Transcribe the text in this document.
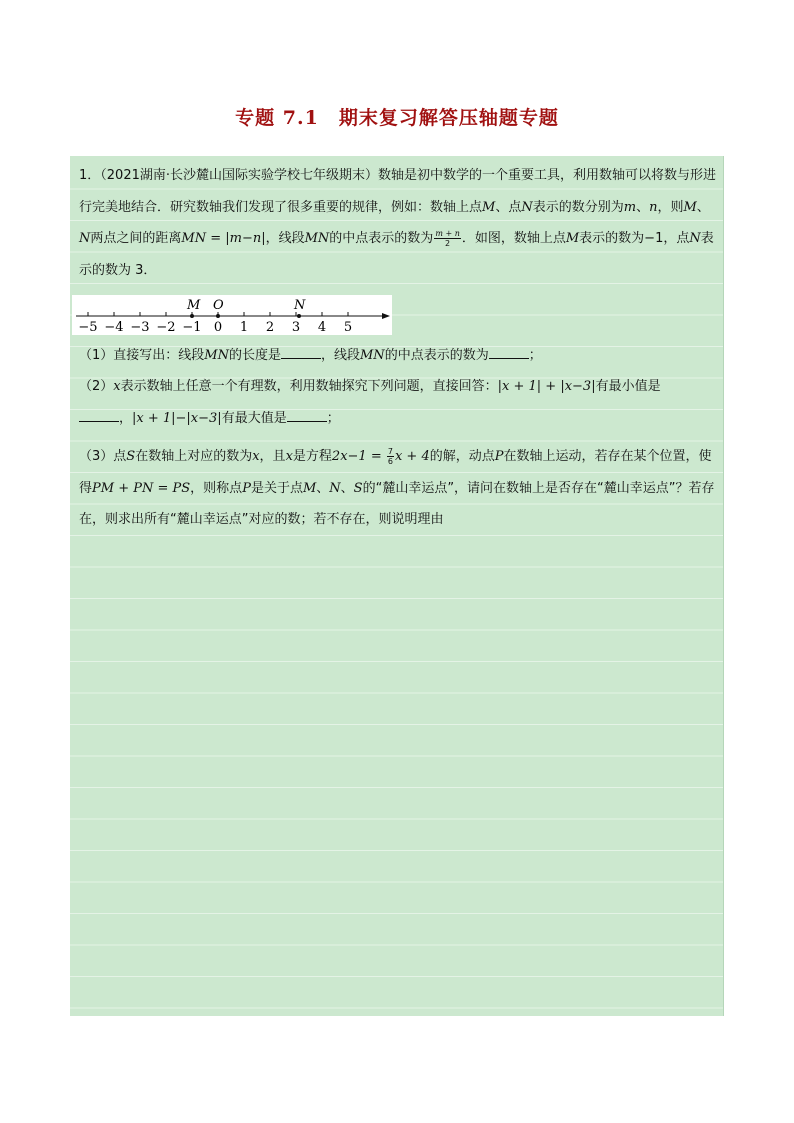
专题 7.1　期末复习解答压轴题专题

1．（2021湖南·长沙麓山国际实验学校七年级期末）数轴是初中数学的一个重要工具，利用数轴可以将数与形进行完美地结合．研究数轴我们发现了很多重要的规律，例如：数轴上点M、点N表示的数分别为m、n，则M、N两点之间的距离MN = |m−n|，线段MN的中点表示的数为 $\frac{m + n}{2}$ ．如图，数轴上点M表示的数为−1，点N表示的数为 3．

−5 −4 −3 −2 −1 0 1 2 3 4 5
M O	N

（1）直接写出：线段MN的长度是	，线段MN的中点表示的数为	；

（2）x表示数轴上任意一个有理数，利用数轴探究下列问题，直接回答：|x + 1| + |x−3|有最小值是
，|x + 1|−|x−3|有最大值是	；

（3）点S在数轴上对应的数为x，且x是方程$2x-1 = \frac{7}{6}$ x + 4的解，动点P在数轴上运动，若存在某个位置，使得PM + PN = PS，则称点P是关于点M、N、S的“麓山幸运点”，请问在数轴上是否存在“麓山幸运点”？若存在，则求出所有“麓山幸运点”对应的数；若不存在，则说明理由
